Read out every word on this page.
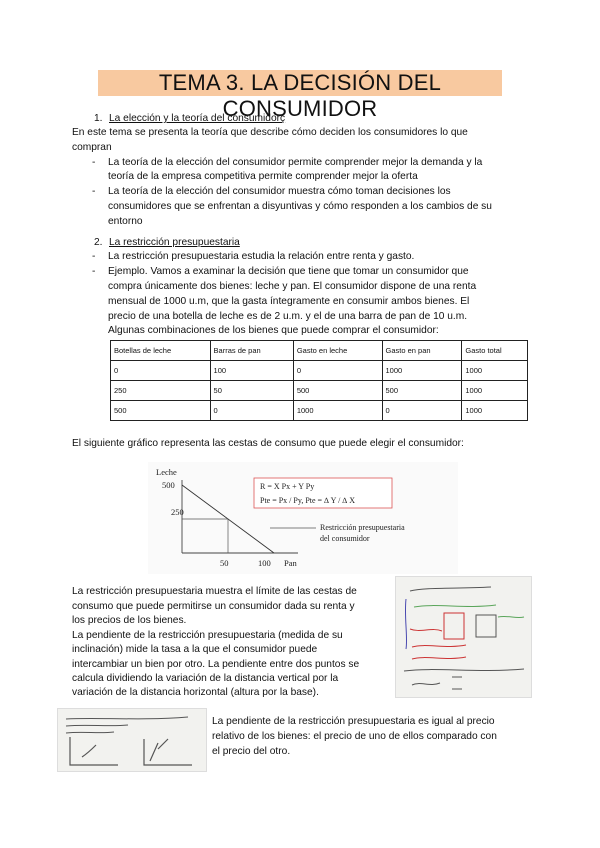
TEMA 3. LA DECISIÓN DEL CONSUMIDOR
1. La elección y la teoría del consumidorç
En este tema se presenta la teoría que describe cómo deciden los consumidores lo que
compran
- La teoría de la elección del consumidor permite comprender mejor la demanda y la
teoría de la empresa competitiva permite comprender mejor la oferta
- La teoría de la elección del consumidor muestra cómo toman decisiones los
consumidores que se enfrentan a disyuntivas y cómo responden a los cambios de su
entorno
2. La restricción presupuestaria
- La restricción presupuestaria estudia la relación entre renta y gasto.
- Ejemplo. Vamos a examinar la decisión que tiene que tomar un consumidor que
compra únicamente dos bienes: leche y pan. El consumidor dispone de una renta
mensual de 1000 u.m, que la gasta íntegramente en consumir ambos bienes. El
precio de una botella de leche es de 2 u.m. y el de una barra de pan de 10 u.m.
Algunas combinaciones de los bienes que puede comprar el consumidor:
Botellas de leche	Barras de pan	Gasto en leche	Gasto en pan	Gasto total
0	100	0	1000	1000
250	50	500	500	1000
500	0	1000	0	1000
El siguiente gráfico representa las cestas de consumo que puede elegir el consumidor:
Leche
500
250
50	100 Pan
R = X Px + Y Py
Pte = Px / Py, Pte = ∆ Y / ∆ X
Restricción presupuestaria
del consumidor
La restricción presupuestaria muestra el límite de las cestas de
consumo que puede permitirse un consumidor dada su renta y
los precios de los bienes.
La pendiente de la restricción presupuestaria (medida de su
inclinación) mide la tasa a la que el consumidor puede
intercambiar un bien por otro. La pendiente entre dos puntos se
calcula dividiendo la variación de la distancia vertical por la
variación de la distancia horizontal (altura por la base).
La pendiente de la restricción presupuestaria es igual al precio
relativo de los bienes: el precio de uno de ellos comparado con
el precio del otro.
